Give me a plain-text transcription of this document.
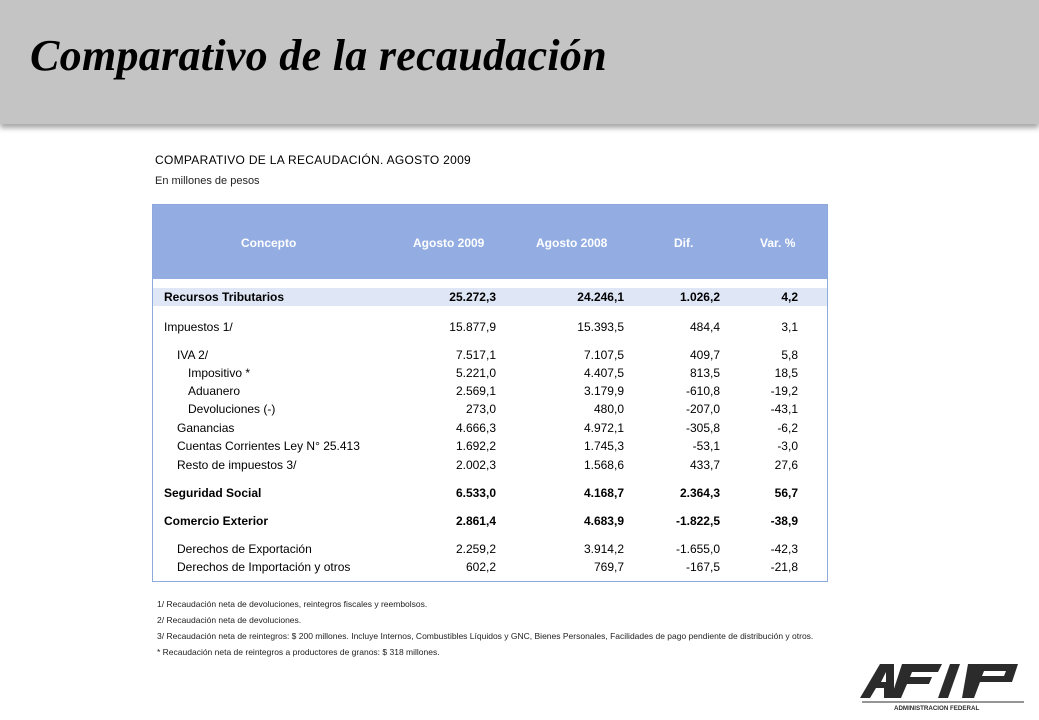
Comparativo de la recaudación
COMPARATIVO DE LA RECAUDACIÓN. AGOSTO 2009
En millones de pesos
Concepto	Agosto 2009	Agosto 2008	Dif.	Var. %
Recursos Tributarios	25.272,3	24.246,1	1.026,2	4,2
Impuestos 1/	15.877,9	15.393,5	484,4	3,1
IVA 2/	7.517,1	7.107,5	409,7	5,8
Impositivo *	5.221,0	4.407,5	813,5	18,5
Aduanero	2.569,1	3.179,9	-610,8	-19,2
Devoluciones (-)	273,0	480,0	-207,0	-43,1
Ganancias	4.666,3	4.972,1	-305,8	-6,2
Cuentas Corrientes Ley N° 25.413	1.692,2	1.745,3	-53,1	-3,0
Resto de impuestos 3/	2.002,3	1.568,6	433,7	27,6
Seguridad Social	6.533,0	4.168,7	2.364,3	56,7
Comercio Exterior	2.861,4	4.683,9	-1.822,5	-38,9
Derechos de Exportación	2.259,2	3.914,2	-1.655,0	-42,3
Derechos de Importación y otros	602,2	769,7	-167,5	-21,8

1/ Recaudación neta de devoluciones, reintegros fiscales y reembolsos.

2/ Recaudación neta de devoluciones.

3/ Recaudación neta de reintegros: $ 200 millones. Incluye Internos, Combustibles Líquidos y GNC, Bienes Personales, Facilidades de pago pendiente de distribución y otros.

* Recaudación neta de reintegros a productores de granos: $ 318 millones.

ADMINISTRACION FEDERAL
